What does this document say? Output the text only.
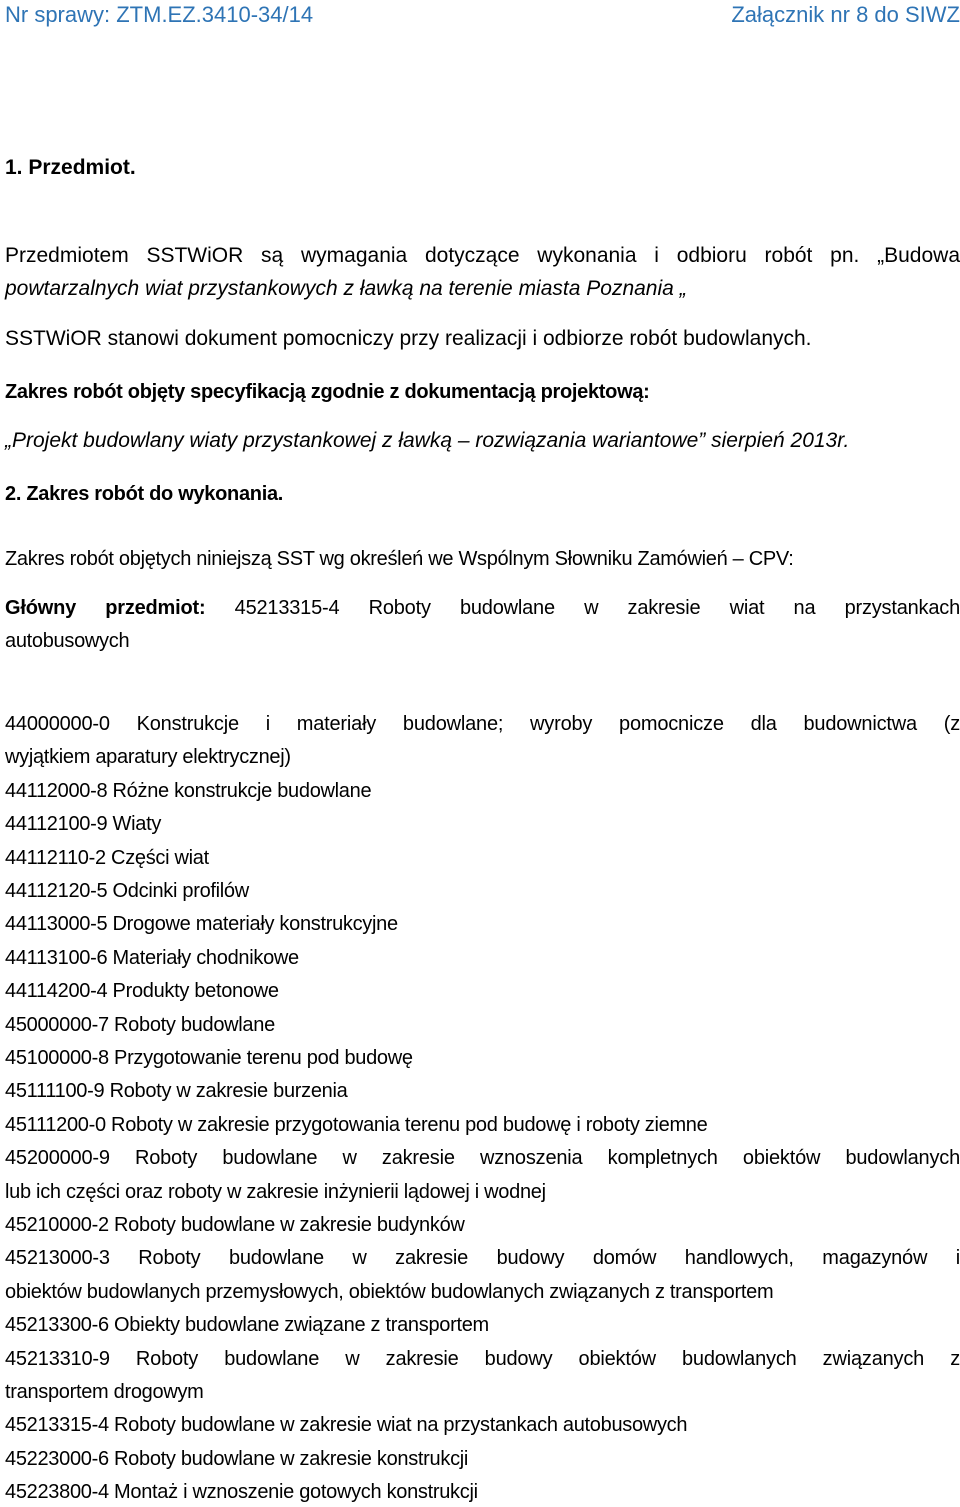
Nr sprawy: ZTM.EZ.3410-34/14	Załącznik nr 8 do SIWZ
1. Przedmiot.
Przedmiotem SSTWiOR są wymagania dotyczące wykonania i odbioru robót pn. „Budowa
powtarzalnych wiat przystankowych z ławką na terenie miasta Poznania „
SSTWiOR stanowi dokument pomocniczy przy realizacji i odbiorze robót budowlanych.
Zakres robót objęty specyfikacją zgodnie z dokumentacją projektową:
„Projekt budowlany wiaty przystankowej z ławką – rozwiązania wariantowe” sierpień 2013r.
2. Zakres robót do wykonania.
Zakres robót objętych niniejszą SST wg określeń we Wspólnym Słowniku Zamówień – CPV:
Główny przedmiot: 45213315-4 Roboty budowlane w zakresie wiat na przystankach
autobusowych
44000000-0 Konstrukcje i materiały budowlane; wyroby pomocnicze dla budownictwa (z
wyjątkiem aparatury elektrycznej)
44112000-8 Różne konstrukcje budowlane
44112100-9 Wiaty
44112110-2 Części wiat
44112120-5 Odcinki profilów
44113000-5 Drogowe materiały konstrukcyjne
44113100-6 Materiały chodnikowe
44114200-4 Produkty betonowe
45000000-7 Roboty budowlane
45100000-8 Przygotowanie terenu pod budowę
45111100-9 Roboty w zakresie burzenia
45111200-0 Roboty w zakresie przygotowania terenu pod budowę i roboty ziemne
45200000-9 Roboty budowlane w zakresie wznoszenia kompletnych obiektów budowlanych
lub ich części oraz roboty w zakresie inżynierii lądowej i wodnej
45210000-2 Roboty budowlane w zakresie budynków
45213000-3 Roboty budowlane w zakresie budowy domów handlowych, magazynów i
obiektów budowlanych przemysłowych, obiektów budowlanych związanych z transportem
45213300-6 Obiekty budowlane związane z transportem
45213310-9 Roboty budowlane w zakresie budowy obiektów budowlanych związanych z
transportem drogowym
45213315-4 Roboty budowlane w zakresie wiat na przystankach autobusowych
45223000-6 Roboty budowlane w zakresie konstrukcji
45223800-4 Montaż i wznoszenie gotowych konstrukcji
